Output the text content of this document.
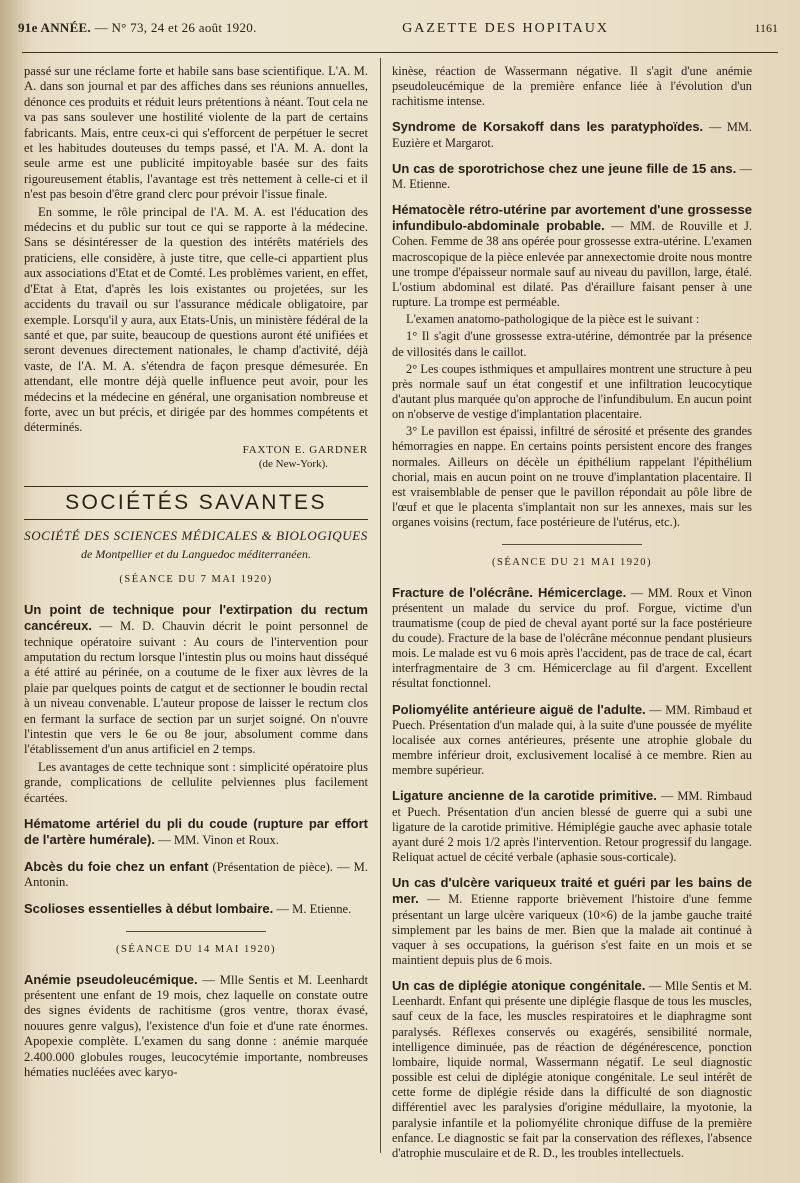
91e ANNÉE. — N° 73, 24 et 26 août 1920.	GAZETTE DES HOPITAUX	1161

passé sur une réclame forte et habile sans base scientifique. L'A. M. A. dans son journal et par des affiches dans ses réunions annuelles, dénonce ces produits et réduit leurs prétentions à néant. Tout cela ne va pas sans soulever une hostilité violente de la part de certains fabricants. Mais, entre ceux-ci qui s'efforcent de perpétuer le secret et les habitudes douteuses du temps passé, et l'A. M. A. dont la seule arme est une publicité impitoyable basée sur des faits rigoureusement établis, l'avantage est très nettement à celle-ci et il n'est pas besoin d'être grand clerc pour prévoir l'issue finale.

En somme, le rôle principal de l'A. M. A. est l'éducation des médecins et du public sur tout ce qui se rapporte à la médecine. Sans se désintéresser de la question des intérêts matériels des praticiens, elle considère, à juste titre, que celle-ci appartient plus aux associations d'Etat et de Comté. Les problèmes varient, en effet, d'Etat à Etat, d'après les lois existantes ou projetées, sur les accidents du travail ou sur l'assurance médicale obligatoire, par exemple. Lorsqu'il y aura, aux Etats-Unis, un ministère fédéral de la santé et que, par suite, beaucoup de questions auront été unifiées et seront devenues directement nationales, le champ d'activité, déjà vaste, de l'A. M. A. s'étendra de façon presque démesurée. En attendant, elle montre déjà quelle influence peut avoir, pour les médecins et la médecine en général, une organisation nombreuse et forte, avec un but précis, et dirigée par des hommes compétents et déterminés.

FAXTON E. GARDNER
(de New-York).
SOCIÉTÉS SAVANTES
SOCIÉTÉ DES SCIENCES MÉDICALES & BIOLOGIQUES
de Montpellier et du Languedoc méditerranéen.
(SÉANCE DU 7 MAI 1920)

Un point de technique pour l'extirpation du rectum cancéreux. — M. D. Chauvin décrit le point personnel de technique opératoire suivant : Au cours de l'intervention pour amputation du rectum lorsque l'intestin plus ou moins haut disséqué a été attiré au périnée, on a coutume de le fixer aux lèvres de la plaie par quelques points de catgut et de sectionner le boudin rectal à un niveau convenable. L'auteur propose de laisser le rectum clos en fermant la surface de section par un surjet soigné. On n'ouvre l'intestin que vers le 6e ou 8e jour, absolument comme dans l'établissement d'un anus artificiel en 2 temps.

Les avantages de cette technique sont : simplicité opératoire plus grande, complications de cellulite pelviennes plus facilement écartées.

Hématome artériel du pli du coude (rupture par effort de l'artère humérale). — MM. Vinon et Roux.

Abcès du foie chez un enfant (Présentation de pièce). — M. Antonin.

Scolioses essentielles à début lombaire. — M. Etienne.

(SÉANCE DU 14 MAI 1920)

Anémie pseudoleucémique. — Mlle Sentis et M. Leenhardt présentent une enfant de 19 mois, chez laquelle on constate outre des signes évidents de rachitisme (gros ventre, thorax évasé, nouures genre valgus), l'existence d'un foie et d'une rate énormes. Apopexie complète. L'examen du sang donne : anémie marquée 2.400.000 globules rouges, leucocytémie importante, nombreuses hématies nucléées avec karyo-

kinèse, réaction de Wassermann négative. Il s'agit d'une anémie pseudoleucémique de la première enfance liée à l'évolution d'un rachitisme intense.

Syndrome de Korsakoff dans les paratyphoïdes. — MM. Euzière et Margarot.

Un cas de sporotrichose chez une jeune fille de 15 ans. — M. Etienne.

Hématocèle rétro-utérine par avortement d'une grossesse infundibulo-abdominale probable. — MM. de Rouville et J. Cohen. Femme de 38 ans opérée pour grossesse extra-utérine. L'examen macroscopique de la pièce enlevée par annexectomie droite nous montre une trompe d'épaisseur normale sauf au niveau du pavillon, large, étalé. L'ostium abdominal est dilaté. Pas d'éraillure faisant penser à une rupture. La trompe est perméable.

L'examen anatomo-pathologique de la pièce est le suivant :

1° Il s'agit d'une grossesse extra-utérine, démontrée par la présence de villosités dans le caillot.

2° Les coupes isthmiques et ampullaires montrent une structure à peu près normale sauf un état congestif et une infiltration leucocytique d'autant plus marquée qu'on approche de l'infundibulum. En aucun point on n'observe de vestige d'implantation placentaire.

3° Le pavillon est épaissi, infiltré de sérosité et présente des grandes hémorragies en nappe. En certains points persistent encore des franges normales. Ailleurs on décèle un épithélium rappelant l'épithélium chorial, mais en aucun point on ne trouve d'implantation placentaire. Il est vraisemblable de penser que le pavillon répondait au pôle libre de l'œuf et que le placenta s'implantait non sur les annexes, mais sur les organes voisins (rectum, face postérieure de l'utérus, etc.).

(SÉANCE DU 21 MAI 1920)

Fracture de l'olécrâne. Hémicerclage. — MM. Roux et Vinon présentent un malade du service du prof. Forgue, victime d'un traumatisme (coup de pied de cheval ayant porté sur la face postérieure du coude). Fracture de la base de l'olécrâne méconnue pendant plusieurs mois. Le malade est vu 6 mois après l'accident, pas de trace de cal, écart interfragmentaire de 3 cm. Hémicerclage au fil d'argent. Excellent résultat fonctionnel.

Poliomyélite antérieure aiguë de l'adulte. — MM. Rimbaud et Puech. Présentation d'un malade qui, à la suite d'une poussée de myélite localisée aux cornes antérieures, présente une atrophie globale du membre inférieur droit, exclusivement localisé à ce membre. Rien au membre supérieur.

Ligature ancienne de la carotide primitive. — MM. Rimbaud et Puech. Présentation d'un ancien blessé de guerre qui a subi une ligature de la carotide primitive. Hémiplégie gauche avec aphasie totale ayant duré 2 mois 1/2 après l'intervention. Retour progressif du langage. Reliquat actuel de cécité verbale (aphasie sous-corticale).

Un cas d'ulcère variqueux traité et guéri par les bains de mer. — M. Etienne rapporte brièvement l'histoire d'une femme présentant un large ulcère variqueux (10×6) de la jambe gauche traité simplement par les bains de mer. Bien que la malade ait continué à vaquer à ses occupations, la guérison s'est faite en un mois et se maintient depuis plus de 6 mois.

Un cas de diplégie atonique congénitale. — Mlle Sentis et M. Leenhardt. Enfant qui présente une diplégie flasque de tous les muscles, sauf ceux de la face, les muscles respiratoires et le diaphragme sont paralysés. Réflexes conservés ou exagérés, sensibilité normale, intelligence diminuée, pas de réaction de dégénérescence, ponction lombaire, liquide normal, Wassermann négatif. Le seul diagnostic possible est celui de diplégie atonique congénitale. Le seul intérêt de cette forme de diplégie réside dans la difficulté de son diagnostic différentiel avec les paralysies d'origine médullaire, la myotonie, la paralysie infantile et la poliomyélite chronique diffuse de la première enfance. Le diagnostic se fait par la conservation des réflexes, l'absence d'atrophie musculaire et de R. D., les troubles intellectuels.
